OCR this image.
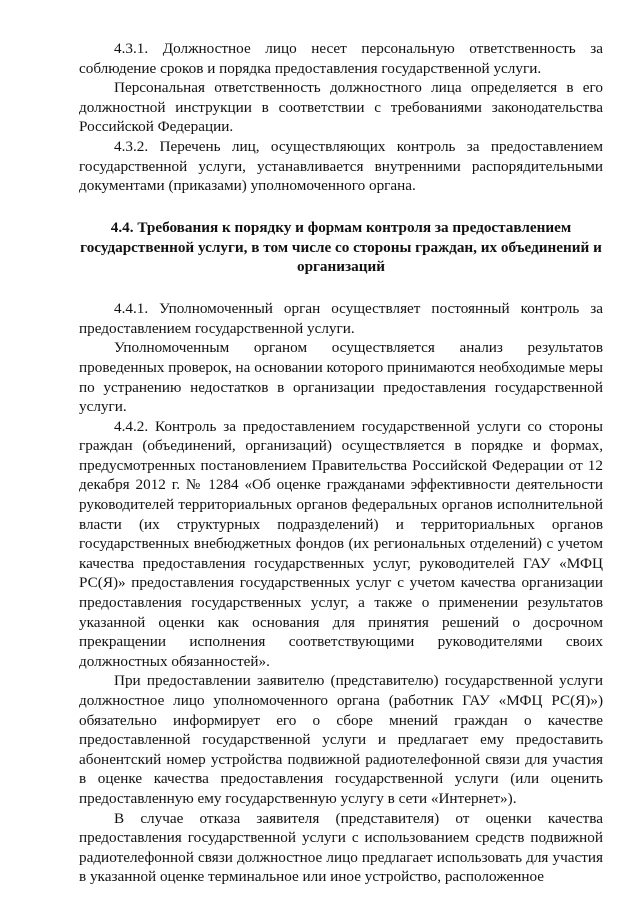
4.3.1. Должностное лицо несет персональную ответственность за соблюдение сроков и порядка предоставления государственной услуги.

Персональная ответственность должностного лица определяется в его должностной инструкции в соответствии с требованиями законодательства Российской Федерации.

4.3.2. Перечень лиц, осуществляющих контроль за предоставлением государственной услуги, устанавливается внутренними распорядительными документами (приказами) уполномоченного органа.

4.4. Требования к порядку и формам контроля за предоставлением государственной услуги, в том числе со стороны граждан, их объединений и организаций

4.4.1. Уполномоченный орган осуществляет постоянный контроль за предоставлением государственной услуги.

Уполномоченным органом осуществляется анализ результатов проведенных проверок, на основании которого принимаются необходимые меры по устранению недостатков в организации предоставления государственной услуги.

4.4.2. Контроль за предоставлением государственной услуги со стороны граждан (объединений, организаций) осуществляется в порядке и формах, предусмотренных постановлением Правительства Российской Федерации от 12 декабря 2012 г. № 1284 «Об оценке гражданами эффективности деятельности руководителей территориальных органов федеральных органов исполнительной власти (их структурных подразделений) и территориальных органов государственных внебюджетных фондов (их региональных отделений) с учетом качества предоставления государственных услуг, руководителей ГАУ «МФЦ РС(Я)» предоставления государственных услуг с учетом качества организации предоставления государственных услуг, а также о применении результатов указанной оценки как основания для принятия решений о досрочном прекращении исполнения соответствующими руководителями своих должностных обязанностей».

При предоставлении заявителю (представителю) государственной услуги должностное лицо уполномоченного органа (работник ГАУ «МФЦ РС(Я)») обязательно информирует его о сборе мнений граждан о качестве предоставленной государственной услуги и предлагает ему предоставить абонентский номер устройства подвижной радиотелефонной связи для участия в оценке качества предоставления государственной услуги (или оценить предоставленную ему государственную услугу в сети «Интернет»).

В случае отказа заявителя (представителя) от оценки качества предоставления государственной услуги с использованием средств подвижной радиотелефонной связи должностное лицо предлагает использовать для участия в указанной оценке терминальное или иное устройство, расположенное
